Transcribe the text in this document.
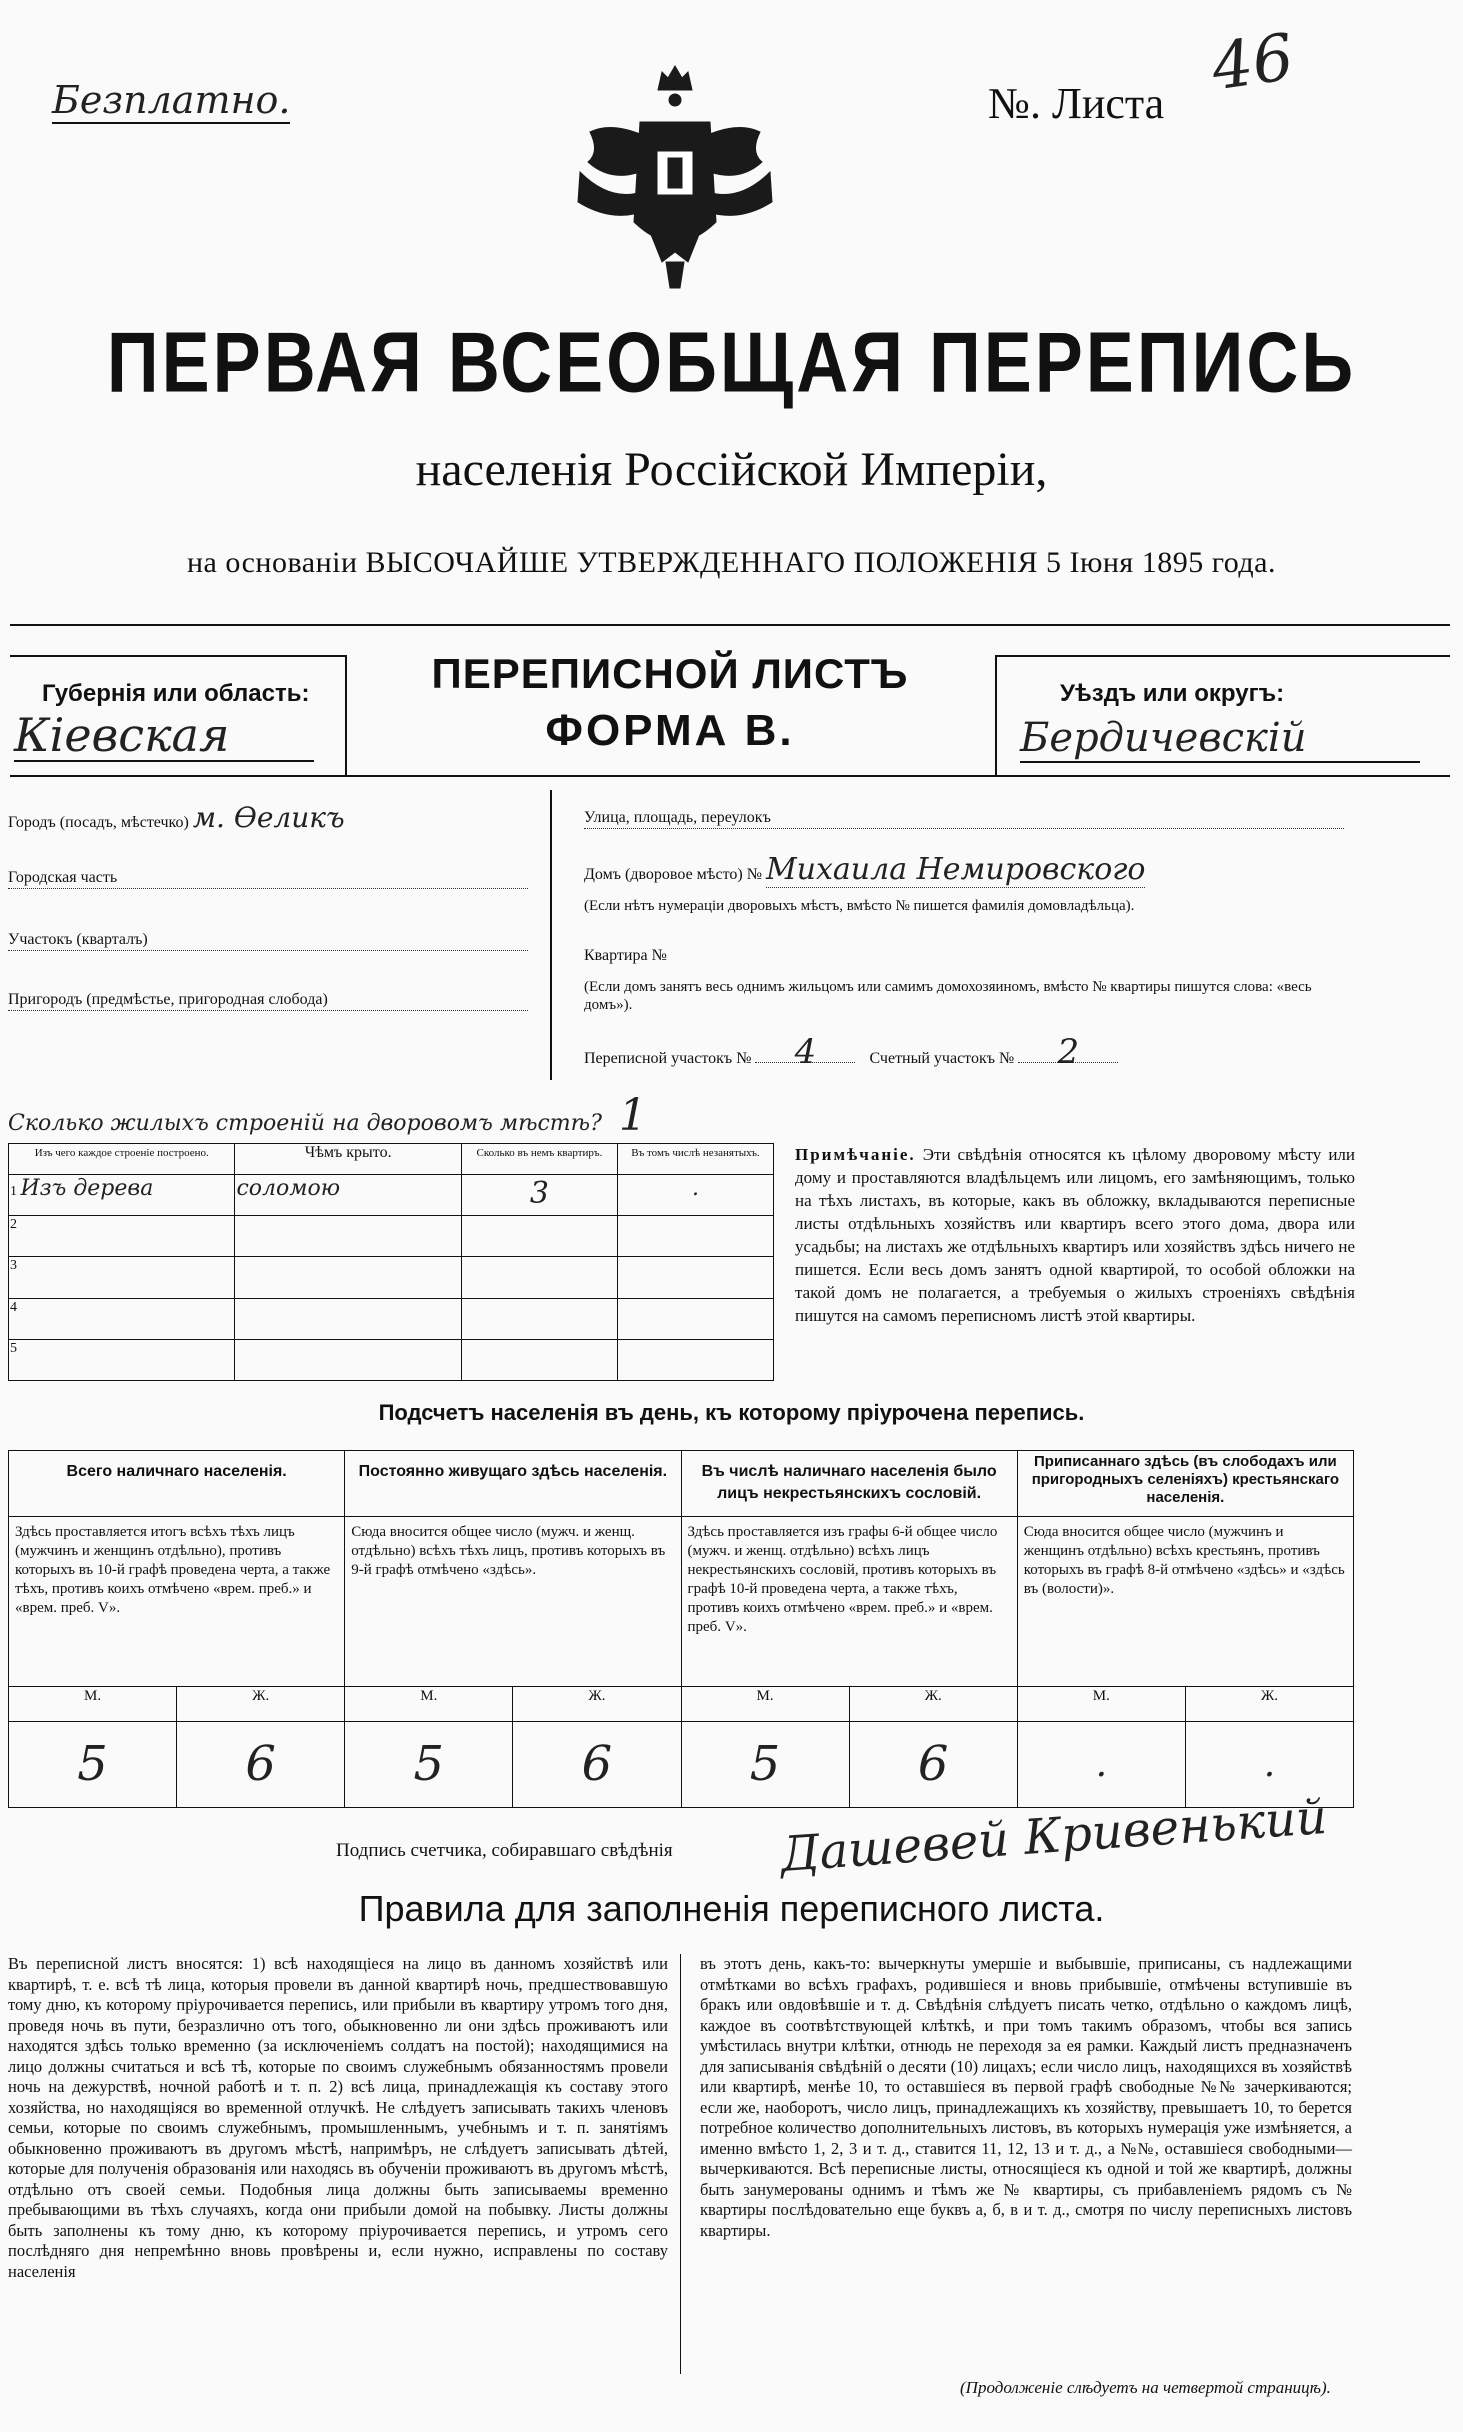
Безплатно.	№. Листа 46
ПЕРВАЯ ВСЕОБЩАЯ ПЕРЕПИСЬ
населенія Россійской Имперіи,
на основаніи ВЫСОЧАЙШЕ УТВЕРЖДЕННАГО ПОЛОЖЕНІЯ 5 Іюня 1895 года.
Губернія или область:
Кіевская
ПЕРЕПИСНОЙ ЛИСТЪ
ФОРМА В.
Уѣздъ или округъ:
Бердичевскій
Городъ (посадъ, мѣстечко) м. Ѳеликъ
Городская часть
Участокъ (кварталъ)
Пригородъ (предмѣстье, пригородная слобода)
Улица, площадь, переулокъ
Домъ (дворовое мѣсто) № Михаила Немировского
(Если нѣтъ нумераціи дворовыхъ мѣстъ, вмѣсто № пишется фамилія домовладѣльца).
Квартира №
(Если домъ занятъ весь однимъ жильцомъ или самимъ домохозяиномъ, вмѣсто № квартиры пишутся слова: «весь домъ»).
Переписной участокъ № 4	Счетный участокъ № 2
Сколько жилыхъ строеній на дворовомъ мѣстѣ? 1
Изъ чего каждое строеніе построено.	Чѣмъ крыто.	Сколько въ немъ квартиръ.	Въ томъ числѣ незанятыхъ.
1 Изъ дерева	соломою	3	.
2			
3			
4			
5			
Примѣчаніе. Эти свѣдѣнія относятся къ цѣлому дворовому мѣсту или дому и проставляются владѣльцемъ или лицомъ, его замѣняющимъ, только на тѣхъ листахъ, въ которые, какъ въ обложку, вкладываются переписные листы отдѣльныхъ хозяйствъ или квартиръ всего этого дома, двора или усадьбы; на листахъ же отдѣльныхъ квартиръ или хозяйствъ здѣсь ничего не пишется. Если весь домъ занятъ одной квартирой, то особой обложки на такой домъ не полагается, а требуемыя о жилыхъ строеніяхъ свѣдѣнія пишутся на самомъ переписномъ листѣ этой квартиры.
Подсчетъ населенія въ день, къ которому пріурочена перепись.
Всего наличнаго населенія.		Постоянно живущаго здѣсь населенія.		Въ числѣ наличнаго населенія было лицъ некрестьянскихъ сословій.		Приписаннаго здѣсь (въ слободахъ или пригородныхъ селеніяхъ) крестьянскаго населенія.	
Здѣсь проставляется итогъ всѣхъ тѣхъ лицъ (мужчинъ и женщинъ отдѣльно), противъ которыхъ въ 10-й графѣ проведена черта, а также тѣхъ, противъ коихъ отмѣчено «врем. преб.» и «врем. преб. V».		Сюда вносится общее число (мужч. и женщ. отдѣльно) всѣхъ тѣхъ лицъ, противъ которыхъ въ 9-й графѣ отмѣчено «здѣсь».		Здѣсь проставляется изъ графы 6-й общее число (мужч. и женщ. отдѣльно) всѣхъ лицъ некрестьянскихъ сословій, противъ которыхъ въ графѣ 10-й проведена черта, а также тѣхъ, противъ коихъ отмѣчено «врем. преб.» и «врем. преб. V».		Сюда вносится общее число (мужчинъ и женщинъ отдѣльно) всѣхъ крестьянъ, противъ которыхъ въ графѣ 8-й отмѣчено «здѣсь» и «здѣсь въ (волости)».	
М.	Ж.	М.	Ж.	М.	Ж.	М.	Ж.
5	6	5	6	5	6	.	.
Подпись счетчика, собиравшаго свѣдѣнія Дашевей Кривенький
Правила для заполненія переписного листа.
Въ переписной листъ вносятся: 1) всѣ находящіеся на лицо въ данномъ хозяйствѣ или квартирѣ, т. е. всѣ тѣ лица, которыя провели въ данной квартирѣ ночь, предшествовавшую тому дню, къ которому пріурочивается перепись, или прибыли въ квартиру утромъ того дня, проведя ночь въ пути, безразлично отъ того, обыкновенно ли они здѣсь проживаютъ или находятся здѣсь только временно (за исключеніемъ солдатъ на постой); находящимися на лицо должны считаться и всѣ тѣ, которые по своимъ служебнымъ обязанностямъ провели ночь на дежурствѣ, ночной работѣ и т. п. 2) всѣ лица, принадлежащія къ составу этого хозяйства, но находящіяся во временной отлучкѣ. Не слѣдуетъ записывать такихъ членовъ семьи, которые по своимъ служебнымъ, промышленнымъ, учебнымъ и т. п. занятіямъ обыкновенно проживаютъ въ другомъ мѣстѣ, напримѣръ, не слѣдуетъ записывать дѣтей, которые для полученія образованія или находясь въ обученіи проживаютъ въ другомъ мѣстѣ, отдѣльно отъ своей семьи. Подобныя лица должны быть записываемы временно пребывающими въ тѣхъ случаяхъ, когда они прибыли домой на побывку. Листы должны быть заполнены къ тому дню, къ которому пріурочивается перепись, и утромъ сего послѣдняго дня непремѣнно вновь провѣрены и, если нужно, исправлены по составу населенія
въ этотъ день, какъ-то: вычеркнуты умершіе и выбывшіе, приписаны, съ надлежащими отмѣтками во всѣхъ графахъ, родившіеся и вновь прибывшіе, отмѣчены вступившіе въ бракъ или овдовѣвшіе и т. д. Свѣдѣнія слѣдуетъ писать четко, отдѣльно о каждомъ лицѣ, каждое въ соотвѣтствующей клѣткѣ, и при томъ такимъ образомъ, чтобы вся запись умѣстилась внутри клѣтки, отнюдь не переходя за ея рамки. Каждый листъ предназначенъ для записыванія свѣдѣній о десяти (10) лицахъ; если число лицъ, находящихся въ хозяйствѣ или квартирѣ, менѣе 10, то оставшіеся въ первой графѣ свободные №№ зачеркиваются; если же, наоборотъ, число лицъ, принадлежащихъ къ хозяйству, превышаетъ 10, то берется потребное количество дополнительныхъ листовъ, въ которыхъ нумерація уже измѣняется, а именно вмѣсто 1, 2, 3 и т. д., ставится 11, 12, 13 и т. д., а №№, оставшіеся свободными—вычеркиваются. Всѣ переписные листы, относящіеся къ одной и той же квартирѣ, должны быть занумерованы однимъ и тѣмъ же № квартиры, съ прибавленіемъ рядомъ съ № квартиры послѣдовательно еще буквъ а, б, в и т. д., смотря по числу переписныхъ листовъ квартиры.
(Продолженіе слѣдуетъ на четвертой страницѣ).
